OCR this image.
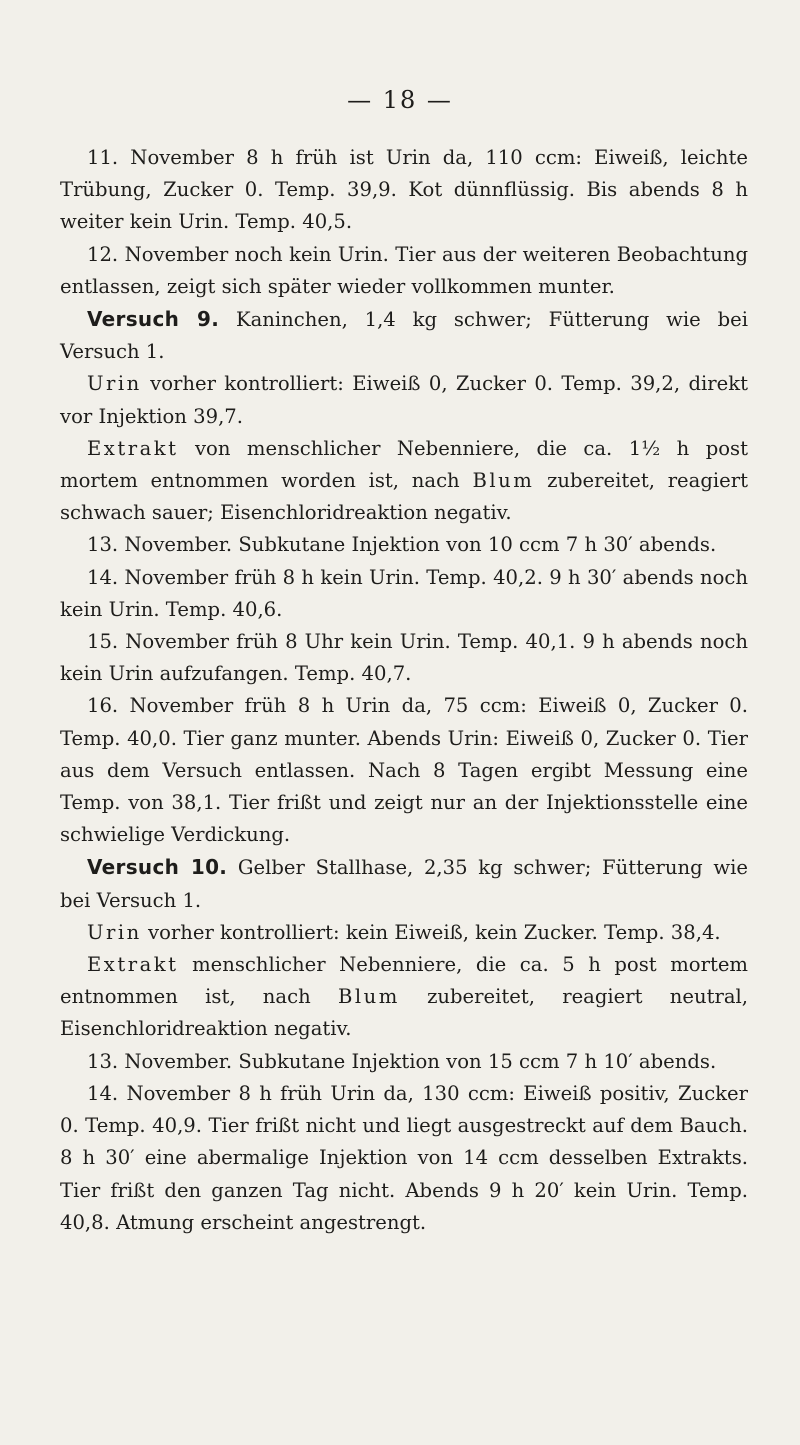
— 18 —

11. November 8 h früh ist Urin da, 110 ccm: Eiweiß, leichte Trübung, Zucker 0. Temp. 39,9. Kot dünnflüssig. Bis abends 8 h weiter kein Urin. Temp. 40,5.

12. November noch kein Urin. Tier aus der weiteren Beobachtung entlassen, zeigt sich später wieder vollkommen munter.

Versuch 9. Kaninchen, 1,4 kg schwer; Fütterung wie bei Versuch 1.

Urin vorher kontrolliert: Eiweiß 0, Zucker 0. Temp. 39,2, direkt vor Injektion 39,7.

Extrakt von menschlicher Nebenniere, die ca. 1½ h post mortem entnommen worden ist, nach Blum zubereitet, reagiert schwach sauer; Eisenchloridreaktion negativ.

13. November. Subkutane Injektion von 10 ccm 7 h 30′ abends.

14. November früh 8 h kein Urin. Temp. 40,2. 9 h 30′ abends noch kein Urin. Temp. 40,6.

15. November früh 8 Uhr kein Urin. Temp. 40,1. 9 h abends noch kein Urin aufzufangen. Temp. 40,7.

16. November früh 8 h Urin da, 75 ccm: Eiweiß 0, Zucker 0. Temp. 40,0. Tier ganz munter. Abends Urin: Eiweiß 0, Zucker 0. Tier aus dem Versuch entlassen. Nach 8 Tagen ergibt Messung eine Temp. von 38,1. Tier frißt und zeigt nur an der Injektionsstelle eine schwielige Verdickung.

Versuch 10. Gelber Stallhase, 2,35 kg schwer; Fütterung wie bei Versuch 1.

Urin vorher kontrolliert: kein Eiweiß, kein Zucker. Temp. 38,4.

Extrakt menschlicher Nebenniere, die ca. 5 h post mortem entnommen ist, nach Blum zubereitet, reagiert neutral, Eisenchloridreaktion negativ.

13. November. Subkutane Injektion von 15 ccm 7 h 10′ abends.

14. November 8 h früh Urin da, 130 ccm: Eiweiß positiv, Zucker 0. Temp. 40,9. Tier frißt nicht und liegt ausgestreckt auf dem Bauch. 8 h 30′ eine abermalige Injektion von 14 ccm desselben Extrakts. Tier frißt den ganzen Tag nicht. Abends 9 h 20′ kein Urin. Temp. 40,8. Atmung erscheint angestrengt.
